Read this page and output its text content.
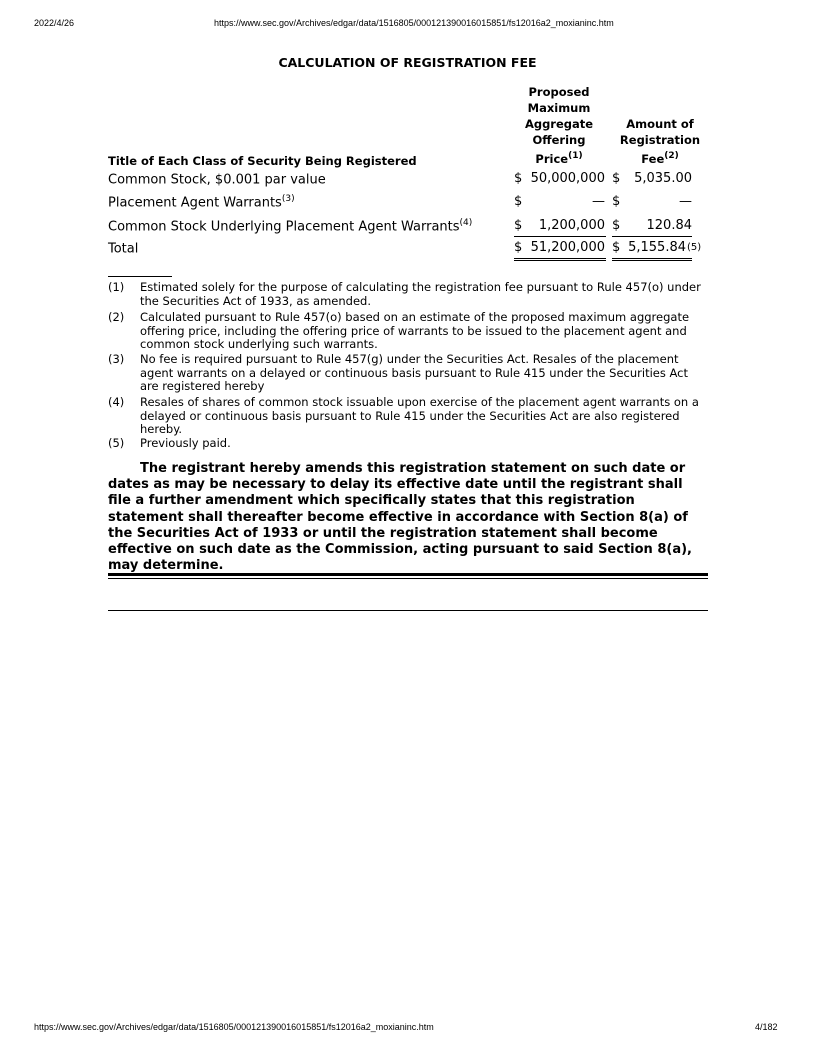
2022/4/26	https://www.sec.gov/Archives/edgar/data/1516805/000121390016015851/fs12016a2_moxianinc.htm
CALCULATION OF REGISTRATION FEE
Proposed
Maximum
Aggregate
Offering
Price$^{(1)}$
Amount of
Registration
Fee$^{(2)}$
Title of Each Class of Security Being Registered
Common Stock, $0.001 par value	$ 50,000,000 $	5,035.00
Placement Agent Warrants$^{(3)}$	$	— $	—
Common Stock Underlying Placement Agent Warrants$^{(4)}$	$	1,200,000 $	120.84
Total	$ 51,200,000 $ 5,155.84 (5)
(1) Estimated solely for the purpose of calculating the registration fee pursuant to Rule 457(o) under the Securities Act of 1933, as amended.
(2) Calculated pursuant to Rule 457(o) based on an estimate of the proposed maximum aggregate offering price, including the offering price of warrants to be issued to the placement agent and common stock underlying such warrants.
(3) No fee is required pursuant to Rule 457(g) under the Securities Act. Resales of the placement agent warrants on a delayed or continuous basis pursuant to Rule 415 under the Securities Act are registered hereby
(4) Resales of shares of common stock issuable upon exercise of the placement agent warrants on a delayed or continuous basis pursuant to Rule 415 under the Securities Act are also registered hereby.
(5) Previously paid.
The registrant hereby amends this registration statement on such date or dates as may be necessary to delay its effective date until the registrant shall file a further amendment which specifically states that this registration statement shall thereafter become effective in accordance with Section 8(a) of the Securities Act of 1933 or until the registration statement shall become effective on such date as the Commission, acting pursuant to said Section 8(a), may determine.
https://www.sec.gov/Archives/edgar/data/1516805/000121390016015851/fs12016a2_moxianinc.htm	4/182
